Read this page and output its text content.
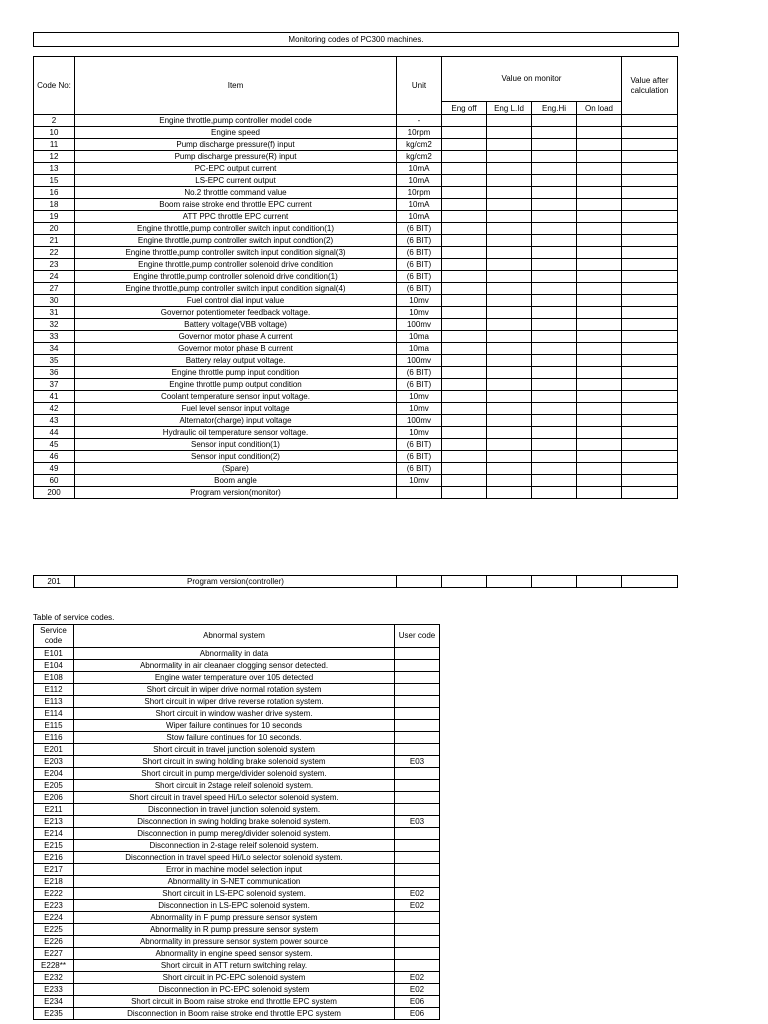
Monitoring codes of PC300 machines.
Code No:	Item	Unit	Value on monitor				Value after calculation
			Eng off	Eng L.Id	Eng.Hi	On load	
2	Engine throttle,pump controller model code	-					
10	Engine speed	10rpm					
11	Pump discharge pressure(f) input	kg/cm2					
12	Pump discharge pressure(R) input	kg/cm2					
13	PC-EPC output current	10mA					
15	LS-EPC current output	10mA					
16	No.2 throttle command value	10rpm					
18	Boom raise stroke end throttle EPC current	10mA					
19	ATT PPC throttle EPC current	10mA					
20	Engine throttle,pump controller switch input condition(1)	(6 BIT)					
21	Engine throttle,pump controller switch input condtion(2)	(6 BIT)					
22	Engine throttle,pump controller switch input condition signal(3)	(6 BIT)					
23	Engine throttle,pump controller solenoid drive condition	(6 BIT)					
24	Engine throttle,pump controller solenoid drive condition(1)	(6 BIT)					
27	Engine throttle,pump controller switch input condition signal(4)	(6 BIT)					
30	Fuel control dial input value	10mv					
31	Governor potentiometer feedback voltage.	10mv					
32	Battery voltage(VBB voltage)	100mv					
33	Governor motor phase A current	10ma					
34	Governor motor phase B current	10ma					
35	Battery relay output voltage.	100mv					
36	Engine throttle pump input condition	(6 BIT)					
37	Engine throttle pump output condition	(6 BIT)					
41	Coolant temperature sensor input voltage.	10mv					
42	Fuel level sensor input voltage	10mv					
43	Alternator(charge) input voltage	100mv					
44	Hydraulic oil temperature sensor voltage.	10mv					
45	Sensor input condition(1)	(6 BIT)					
46	Sensor input condition(2)	(6 BIT)					
49	(Spare)	(6 BIT)					
60	Boom angle	10mv					
200	Program version(monitor)						
201	Program version(controller)						
Table of service codes.
Service code	Abnormal system	User code
E101	Abnormality in data	
E104	Abnormality in air cleanaer clogging sensor detected.	
E108	Engine water temperature over 105 detected	
E112	Short circuit in wiper drive normal rotation system	
E113	Short circuit in wiper drive reverse rotation system.	
E114	Short circuit in window washer drive system.	
E115	Wiper failure continues for 10 seconds	
E116	Stow failure continues for 10 seconds.	
E201	Short circuit in travel junction solenoid system	
E203	Short circuit in swing holding brake solenoid system	E03
E204	Short circuit in pump merge/divider solenoid system.	
E205	Short circuit in 2stage releif solenoid system.	
E206	Short circuit in travel speed Hi/Lo selector solenoid system.	
E211	Disconnection in travel junction solenoid system.	
E213	Disconnection in swing holding brake solenoid system.	E03
E214	Disconnection in pump mereg/divider solenoid system.	
E215	Disconnection in 2-stage releif solenoid system.	
E216	Disconnection in travel speed Hi/Lo selector solenoid system.	
E217	Error in machine model selection input	
E218	Abnormality in S-NET communication	
E222	Short circuit in LS-EPC solenoid system.	E02
E223	Disconnection in LS-EPC solenoid system.	E02
E224	Abnormality in F pump pressure sensor system	
E225	Abnormality in R pump pressure sensor system	
E226	Abnormality in pressure sensor system power source	
E227	Abnormality in engine speed sensor system.	
E228**	Short circuit in ATT return switching relay.	
E232	Short circuit in PC-EPC solenoid system	E02
E233	Disconnection in PC-EPC solenoid system	E02
E234	Short circuit in Boom raise stroke end throttle EPC system	E06
E235	Disconnection in Boom raise stroke end throttle EPC system	E06
